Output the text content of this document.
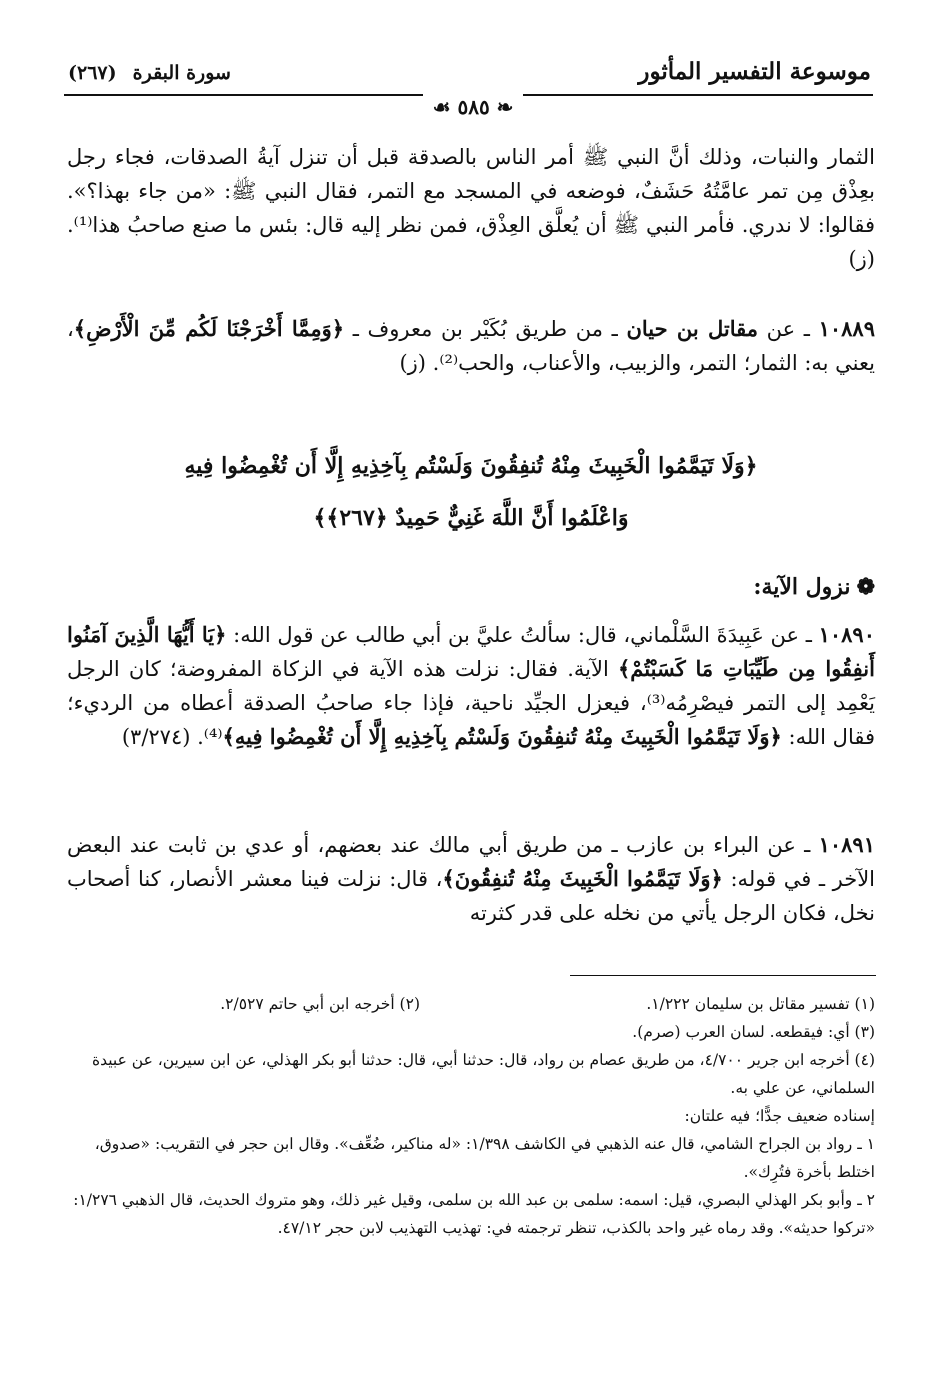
موسوعة التفسير المأثور
سورة البقرة(٢٦٧)
❧ ٥٨٥ ☙

الثمار والنبات، وذلك أنَّ النبي ﷺ أمر الناس بالصدقة قبل أن تنزل آيةُ الصدقات، فجاء رجل بعِذْق مِن تمر عامَّتُهُ حَشَفٌ، فوضعه في المسجد مع التمر، فقال النبي ﷺ: «من جاء بهذا؟». فقالوا: لا ندري. فأمر النبي ﷺ أن يُعلَّق العِذْق، فمن نظر إليه قال: بئس ما صنع صاحبُ هذا⁽¹⁾. (ز)

١٠٨٨٩ ـ عن مقاتل بن حيان ـ من طريق بُكَيْر بن معروف ـ ﴿وَمِمَّا أَخْرَجْنَا لَكُم مِّنَ الْأَرْضِ﴾، يعني به: الثمار؛ التمر، والزبيب، والأعناب، والحب⁽²⁾. (ز)

﴿وَلَا تَيَمَّمُوا الْخَبِيثَ مِنْهُ تُنفِقُونَ وَلَسْتُم بِآخِذِيهِ إِلَّا أَن تُغْمِضُوا فِيهِ
وَاعْلَمُوا أَنَّ اللَّهَ غَنِيٌّ حَمِيدٌ ﴿٢٦٧﴾﴾
❁نزول الآية:

١٠٨٩٠ ـ عن عَبِيدَةَ السَّلْماني، قال: سألتُ عليَّ بن أبي طالب عن قول الله: ﴿يَا أَيُّهَا الَّذِينَ آمَنُوا أَنفِقُوا مِن طَيِّبَاتِ مَا كَسَبْتُمْ﴾ الآية. فقال: نزلت هذه الآية في الزكاة المفروضة؛ كان الرجل يَعْمِد إلى التمر فيصْرِمُه⁽³⁾، فيعزل الجيِّد ناحية، فإذا جاء صاحبُ الصدقة أعطاه من الرديء؛ فقال الله: ﴿وَلَا تَيَمَّمُوا الْخَبِيثَ مِنْهُ تُنفِقُونَ وَلَسْتُم بِآخِذِيهِ إِلَّا أَن تُغْمِضُوا فِيهِ﴾⁽⁴⁾. (٣/٢٧٤)

١٠٨٩١ ـ عن البراء بن عازب ـ من طريق أبي مالك عند بعضهم، أو عدي بن ثابت عند البعض الآخر ـ في قوله: ﴿وَلَا تَيَمَّمُوا الْخَبِيثَ مِنْهُ تُنفِقُونَ﴾، قال: نزلت فينا معشر الأنصار، كنا أصحاب نخل، فكان الرجل يأتي من نخله على قدر كثرته

(١) تفسير مقاتل بن سليمان ١/٢٢٢.
(٢) أخرجه ابن أبي حاتم ٢/٥٢٧.

(٣) أي: فيقطعه. لسان العرب (صرم).

(٤) أخرجه ابن جرير ٤/٧٠٠، من طريق عصام بن رواد، قال: حدثنا أبي، قال: حدثنا أبو بكر الهذلي، عن ابن سيرين، عن عبيدة السلماني، عن علي به.

إسناده ضعيف جدًّا؛ فيه علتان:

١ ـ رواد بن الجراح الشامي، قال عنه الذهبي في الكاشف ١/٣٩٨: «له مناكير، ضُعِّف». وقال ابن حجر في التقريب: «صدوق، اختلط بأخرة فتُرِك».

٢ ـ وأبو بكر الهذلي البصري، قيل: اسمه: سلمى بن عبد الله بن سلمى، وقيل غير ذلك، وهو متروك الحديث، قال الذهبي ١/٢٧٦: «تركوا حديثه». وقد رماه غير واحد بالكذب، تنظر ترجمته في: تهذيب التهذيب لابن حجر ٤٧/١٢.
